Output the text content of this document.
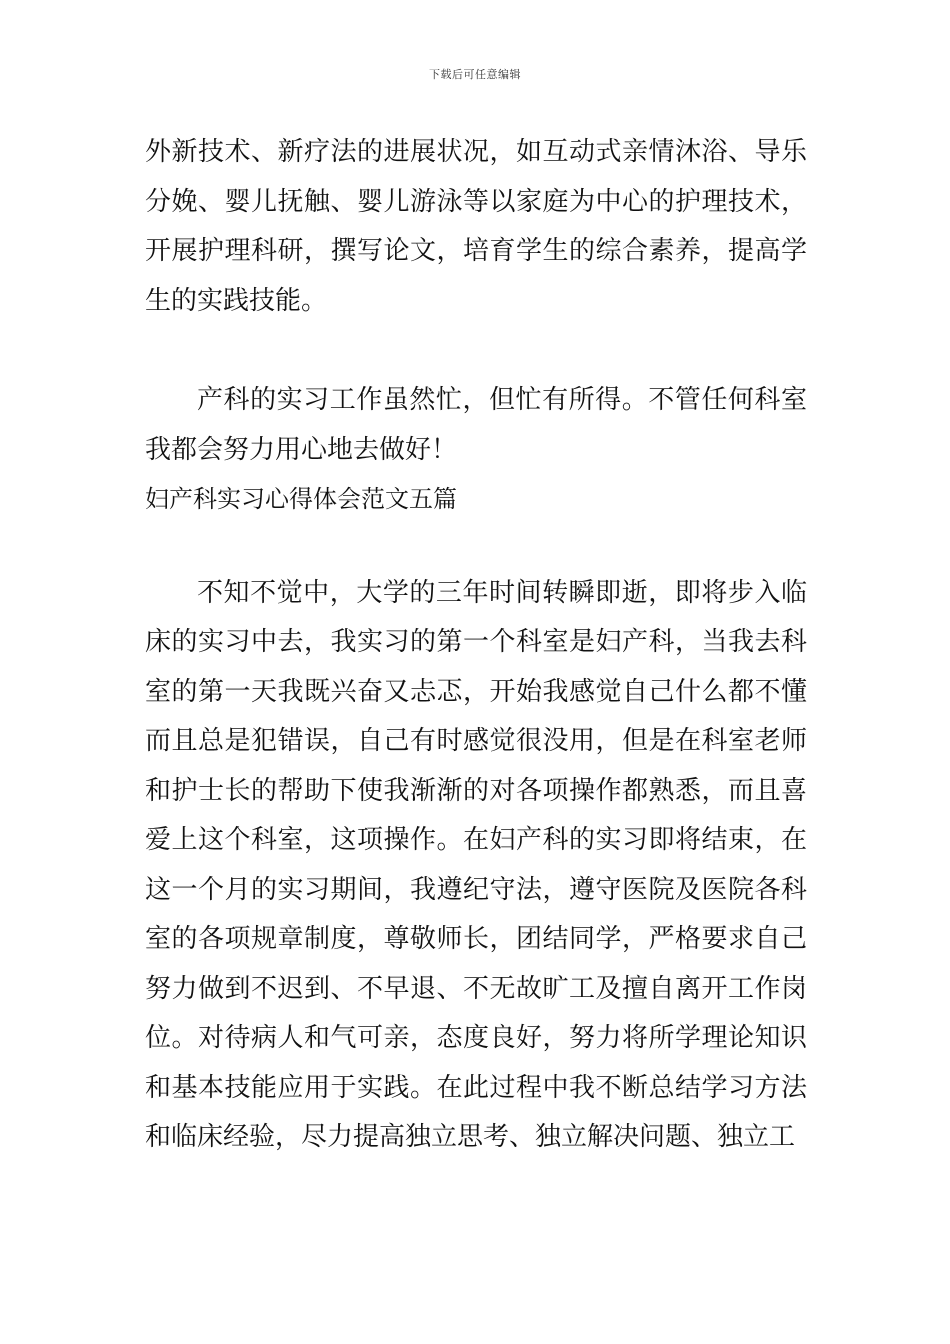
下载后可任意编辑

外新技术、新疗法的进展状况，如互动式亲情沐浴、导乐分娩、婴儿抚触、婴儿游泳等以家庭为中心的护理技术，开展护理科研，撰写论文，培育学生的综合素养，提高学生的实践技能。

产科的实习工作虽然忙，但忙有所得。不管任何科室我都会努力用心地去做好！

妇产科实习心得体会范文五篇

不知不觉中，大学的三年时间转瞬即逝，即将步入临床的实习中去，我实习的第一个科室是妇产科，当我去科室的第一天我既兴奋又忐忑，开始我感觉自己什么都不懂而且总是犯错误，自己有时感觉很没用，但是在科室老师和护士长的帮助下使我渐渐的对各项操作都熟悉，而且喜爱上这个科室，这项操作。在妇产科的实习即将结束，在这一个月的实习期间，我遵纪守法，遵守医院及医院各科室的各项规章制度，尊敬师长，团结同学，严格要求自己努力做到不迟到、不早退、不无故旷工及擅自离开工作岗位。对待病人和气可亲，态度良好，努力将所学理论知识和基本技能应用于实践。在此过程中我不断总结学习方法和临床经验，尽力提高独立思考、独立解决问题、独立工
